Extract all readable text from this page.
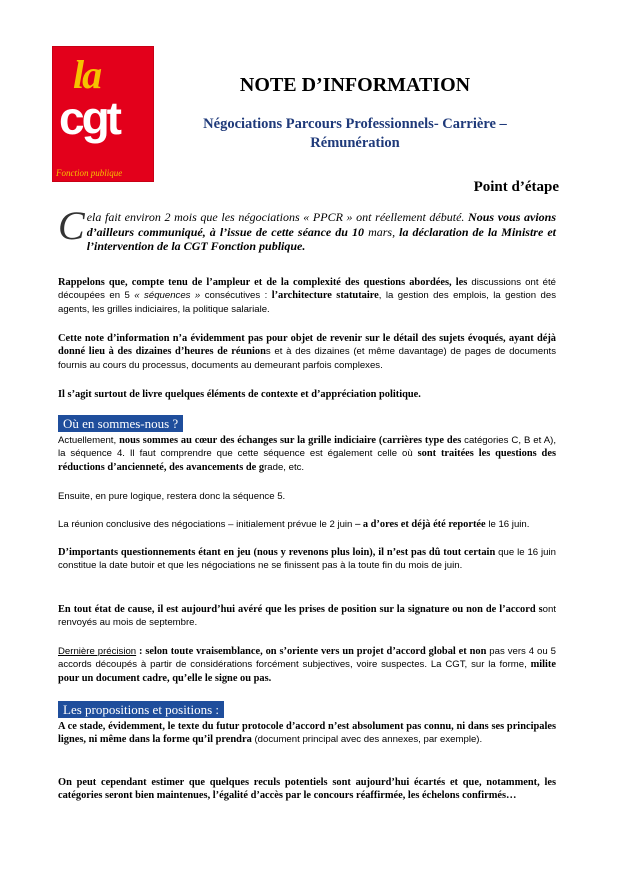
la
cgt
Fonction publique
NOTE D’INFORMATION
Négociations Parcours Professionnels- Carrière –
Rémunération
Point d’étape
Cela fait environ 2 mois que les négociations « PPCR » ont réellement débuté. Nous vous avions d’ailleurs communiqué, à l’issue de cette séance du 10 mars, la déclaration de la Ministre et l’intervention de la CGT Fonction publique.
Rappelons que, compte tenu de l’ampleur et de la complexité des questions abordées, les discussions ont été découpées en 5 « séquences » consécutives : l’architecture statutaire, la gestion des emplois, la gestion des agents, les grilles indiciaires, la politique salariale.
Cette note d’information n’a évidemment pas pour objet de revenir sur le détail des sujets évoqués, ayant déjà donné lieu à des dizaines d’heures de réunions et à des dizaines (et même davantage) de pages de documents fournis au cours du processus, documents au demeurant parfois complexes.
Il s’agit surtout de livre quelques éléments de contexte et d’appréciation politique.
Où en sommes-nous ?
Actuellement, nous sommes au cœur des échanges sur la grille indiciaire (carrières type des catégories C, B et A), la séquence 4. Il faut comprendre que cette séquence est également celle où sont traitées les questions des réductions d’ancienneté, des avancements de grade, etc.
Ensuite, en pure logique, restera donc la séquence 5.
La réunion conclusive des négociations – initialement prévue le 2 juin – a d’ores et déjà été reportée le 16 juin.
D’importants questionnements étant en jeu (nous y revenons plus loin), il n’est pas dû tout certain que le 16 juin constitue la date butoir et que les négociations ne se finissent pas à la toute fin du mois de juin.
En tout état de cause, il est aujourd’hui avéré que les prises de position sur la signature ou non de l’accord sont renvoyés au mois de septembre.
Dernière précision : selon toute vraisemblance, on s’oriente vers un projet d’accord global et non pas vers 4 ou 5 accords découpés à partir de considérations forcément subjectives, voire suspectes. La CGT, sur la forme, milite pour un document cadre, qu’elle le signe ou pas.
Les propositions et positions :
A ce stade, évidemment, le texte du futur protocole d’accord n’est absolument pas connu, ni dans ses principales lignes, ni même dans la forme qu’il prendra (document principal avec des annexes, par exemple).
On peut cependant estimer que quelques reculs potentiels sont aujourd’hui écartés et que, notamment, les catégories seront bien maintenues, l’égalité d’accès par le concours réaffirmée, les échelons confirmés…
